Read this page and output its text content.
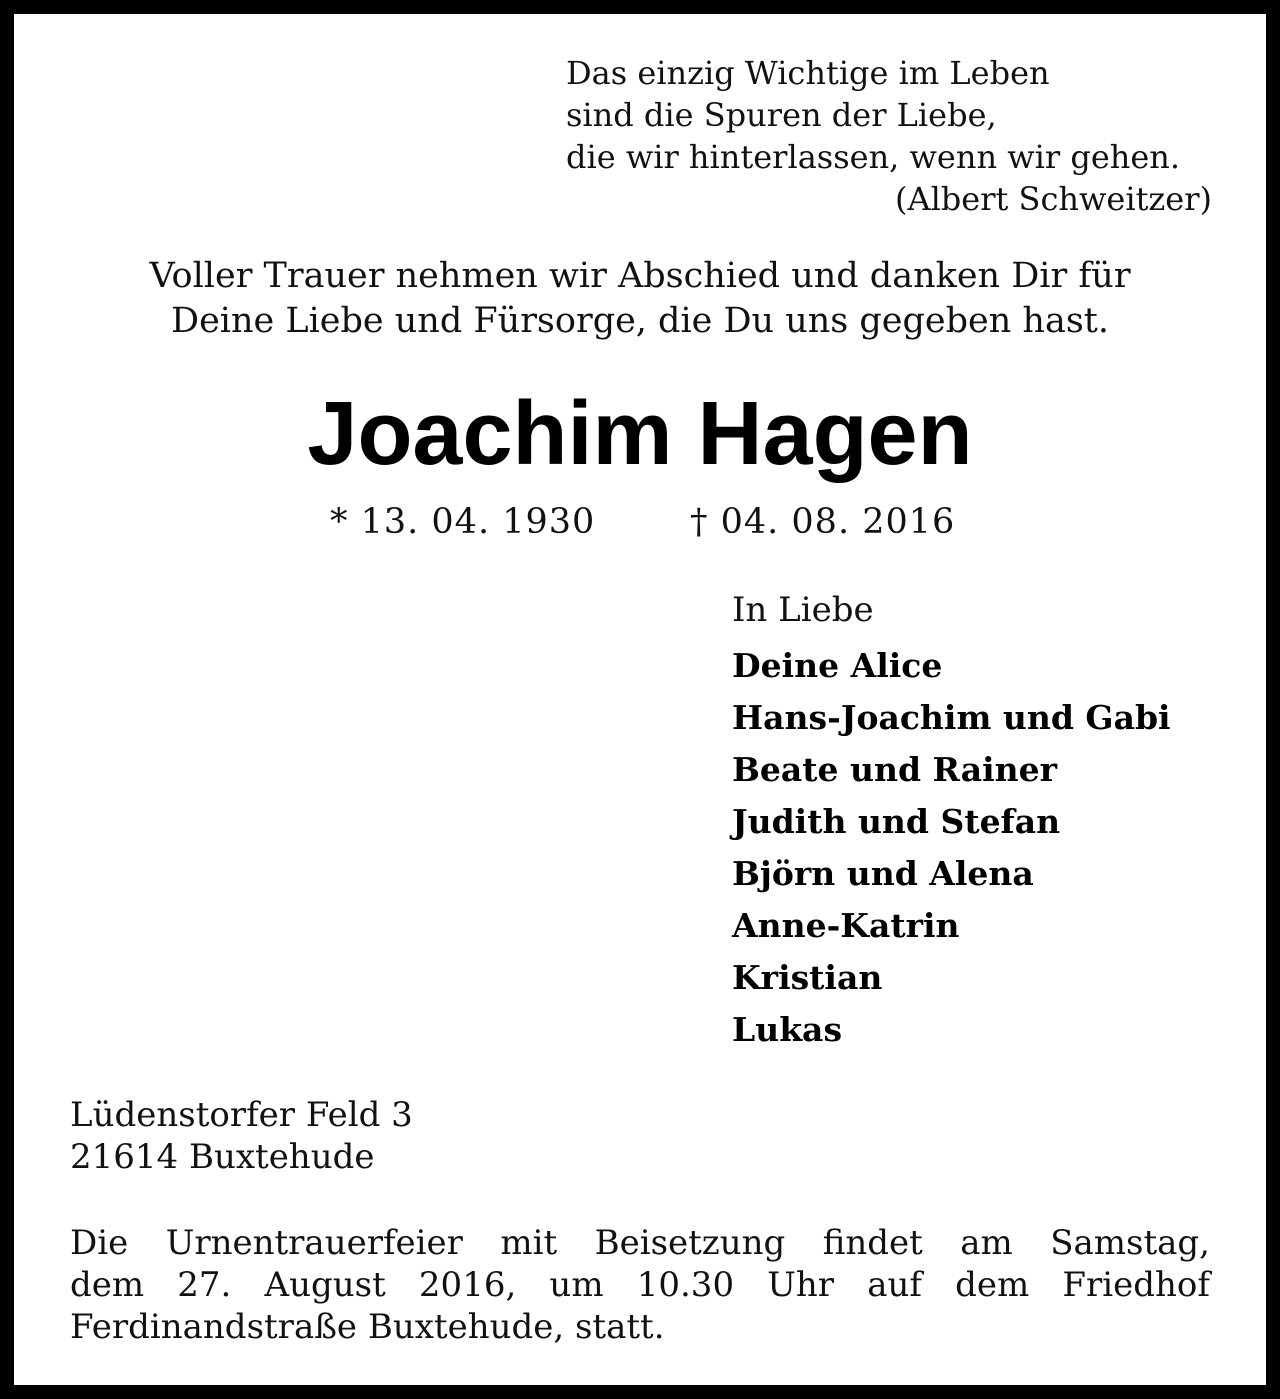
Das einzig Wichtige im Leben
sind die Spuren der Liebe,
die wir hinterlassen, wenn wir gehen.
(Albert Schweitzer)
Voller Trauer nehmen wir Abschied und danken Dir für
Deine Liebe und Fürsorge, die Du uns gegeben hast.
Joachim Hagen
* 13. 04. 1930	† 04. 08. 2016
In Liebe
Deine Alice
Hans-Joachim und Gabi
Beate und Rainer
Judith und Stefan
Björn und Alena
Anne-Katrin
Kristian
Lukas
Lüdenstorfer Feld 3
21614 Buxtehude
Die Urnentrauerfeier mit Beisetzung findet am Samstag,
dem 27. August 2016, um 10.30 Uhr auf dem Friedhof
Ferdinandstraße Buxtehude, statt.
